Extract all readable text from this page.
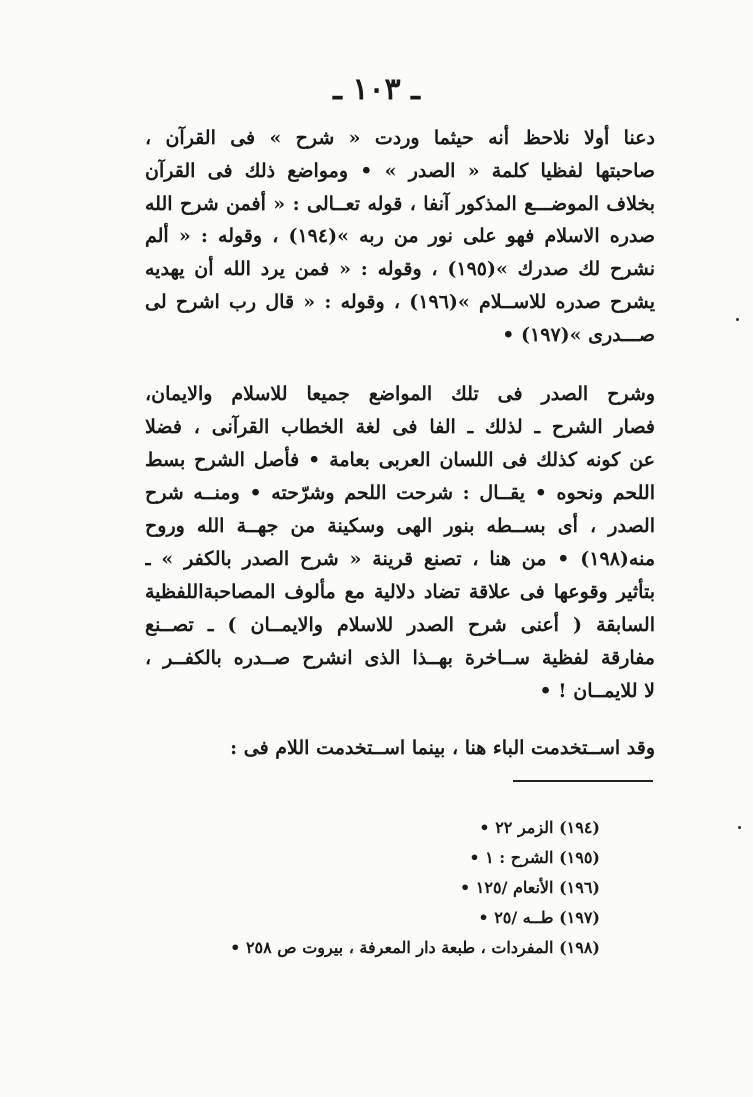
ـ ١٠٣ ـ
دعنا أولا نلاحظ أنه حيثما وردت « شرح » فى القرآن ،
صاحبتها لفظيا كلمة « الصدر » • ومواضع ذلك فى القرآن
بخلاف الموضـــع المذكور آنفا ، قوله تعــالى : « أفمن شرح الله
صدره الاسلام فهو على نور من ربه »(١٩٤) ، وقوله : « ألم
نشرح لك صدرك »(١٩٥) ، وقوله : « فمن يرد الله أن يهديه
يشرح صدره للاســلام »(١٩٦) ، وقوله : « قال رب اشرح لى
صـــدرى »(١٩٧) •
وشرح الصدر فى تلك المواضع جميعا للاسلام والايمان،
فصار الشرح ـ لذلك ـ الفا فى لغة الخطاب القرآنى ، فضلا
عن كونه كذلك فى اللسان العربى بعامة • فأصل الشرح بسط
اللحم ونحوه • يقــال : شرحت اللحم وشرّحته • ومنــه شرح
الصدر ، أى بســطه بنور الهى وسكينة من جهــة الله وروح
منه(١٩٨) • من هنا ، تصنع قرينة « شرح الصدر بالكفر » ـ
بتأثير وقوعها فى علاقة تضاد دلالية مع مألوف المصاحبةاللفظية
السابقة ( أعنى شرح الصدر للاسلام والايمــان ) ـ تصــنع
مفارقة لفظية ســاخرة بهــذا الذى انشرح صــدره بالكفــر ،
لا للايمــان ! •
وقد اســتخدمت الباء هنا ، بينما اســتخدمت اللام فى :
(١٩٤) الزمر ٢٢ •
(١٩٥) الشرح : ١ •
(١٩٦) الأنعام /١٢٥ •
(١٩٧) طــه /٢٥ •
(١٩٨) المفردات ، طبعة دار المعرفة ، بيروت ص ٢٥٨ •
